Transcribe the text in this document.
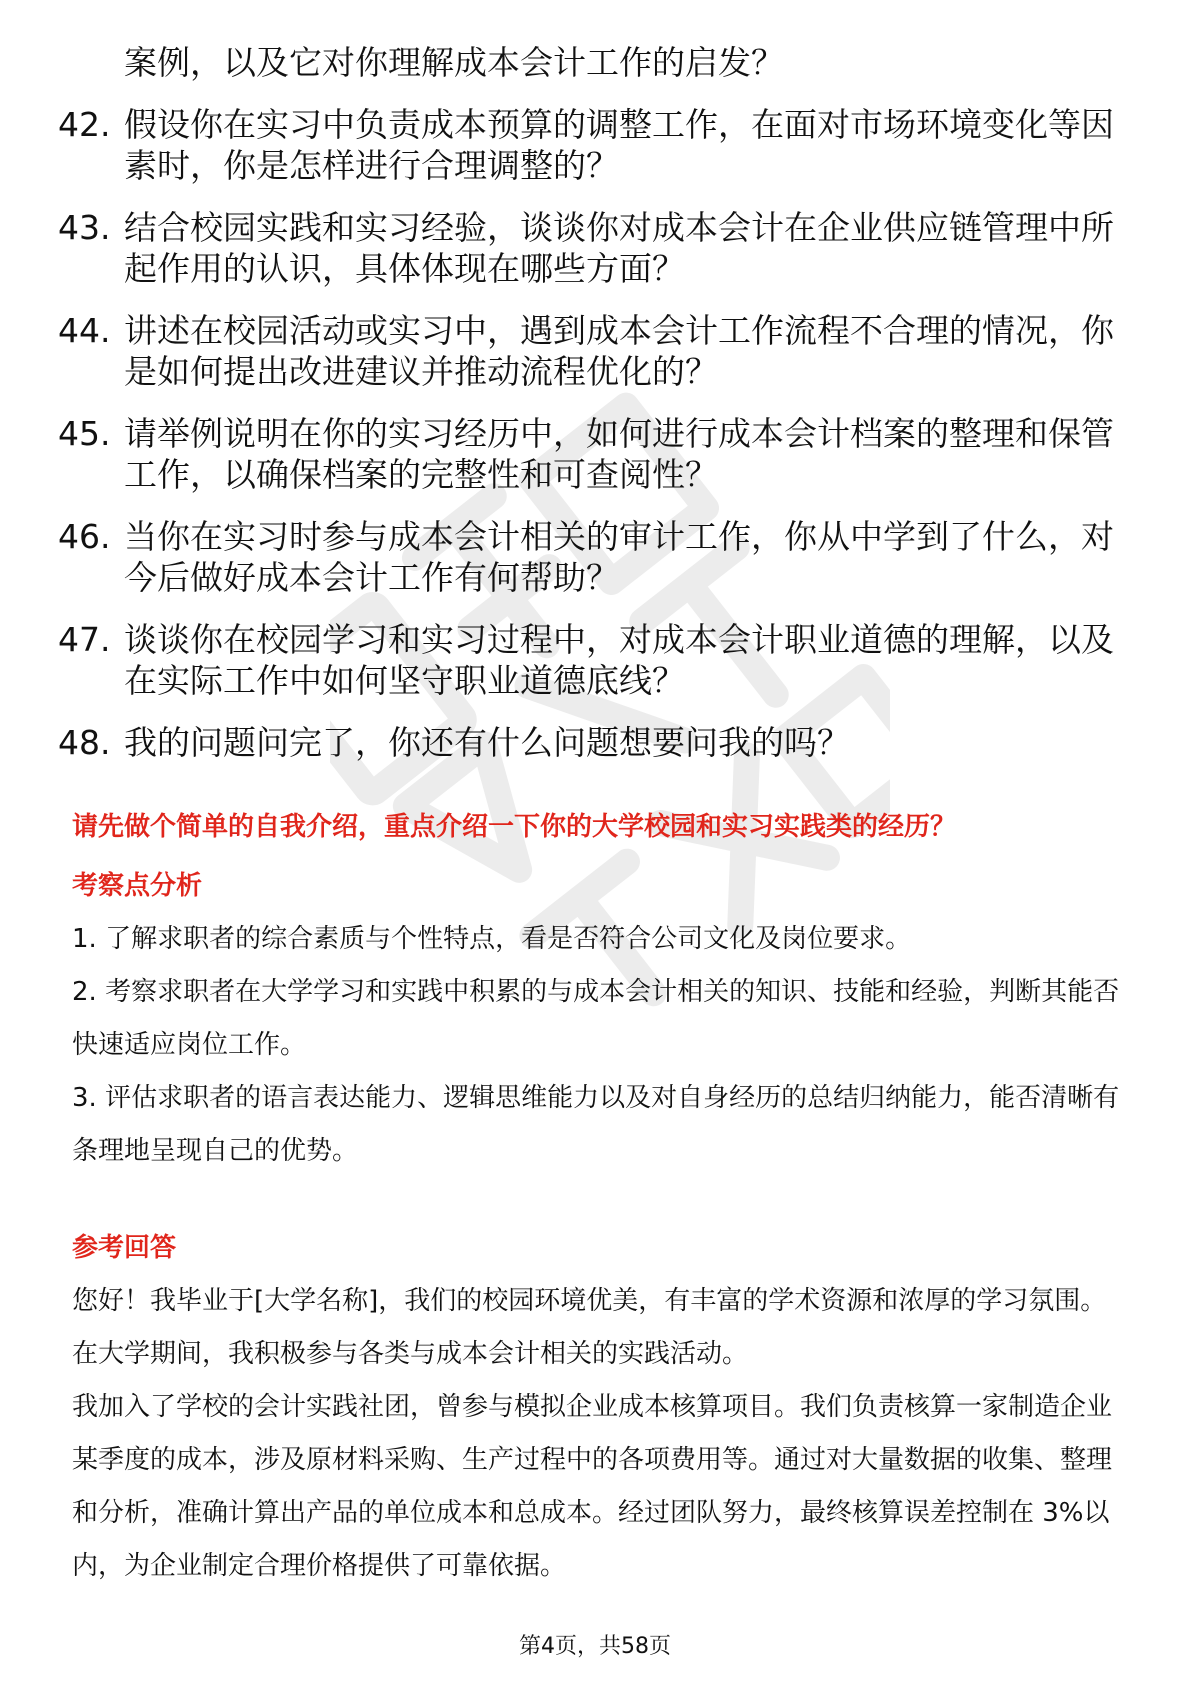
案例，以及它对你理解成本会计工作的启发？
42. 假设你在实习中负责成本预算的调整工作，在面对市场环境变化等因素时，你是怎样进行合理调整的？
43. 结合校园实践和实习经验，谈谈你对成本会计在企业供应链管理中所起作用的认识，具体体现在哪些方面？
44. 讲述在校园活动或实习中，遇到成本会计工作流程不合理的情况，你是如何提出改进建议并推动流程优化的？
45. 请举例说明在你的实习经历中，如何进行成本会计档案的整理和保管工作，以确保档案的完整性和可查阅性？
46. 当你在实习时参与成本会计相关的审计工作，你从中学到了什么，对今后做好成本会计工作有何帮助？
47. 谈谈你在校园学习和实习过程中，对成本会计职业道德的理解，以及在实际工作中如何坚守职业道德底线？
48. 我的问题问完了，你还有什么问题想要问我的吗？
请先做个简单的自我介绍，重点介绍一下你的大学校园和实习实践类的经历？
考察点分析

1. 了解求职者的综合素质与个性特点，看是否符合公司文化及岗位要求。

2. 考察求职者在大学学习和实践中积累的与成本会计相关的知识、技能和经验，判断其能否快速适应岗位工作。

3. 评估求职者的语言表达能力、逻辑思维能力以及对自身经历的总结归纳能力，能否清晰有条理地呈现自己的优势。

参考回答

您好！我毕业于[大学名称]，我们的校园环境优美，有丰富的学术资源和浓厚的学习氛围。在大学期间，我积极参与各类与成本会计相关的实践活动。

我加入了学校的会计实践社团，曾参与模拟企业成本核算项目。我们负责核算一家制造企业某季度的成本，涉及原材料采购、生产过程中的各项费用等。通过对大量数据的收集、整理和分析，准确计算出产品的单位成本和总成本。经过团队努力，最终核算误差控制在 3%以内，为企业制定合理价格提供了可靠依据。

第4页，共58页
